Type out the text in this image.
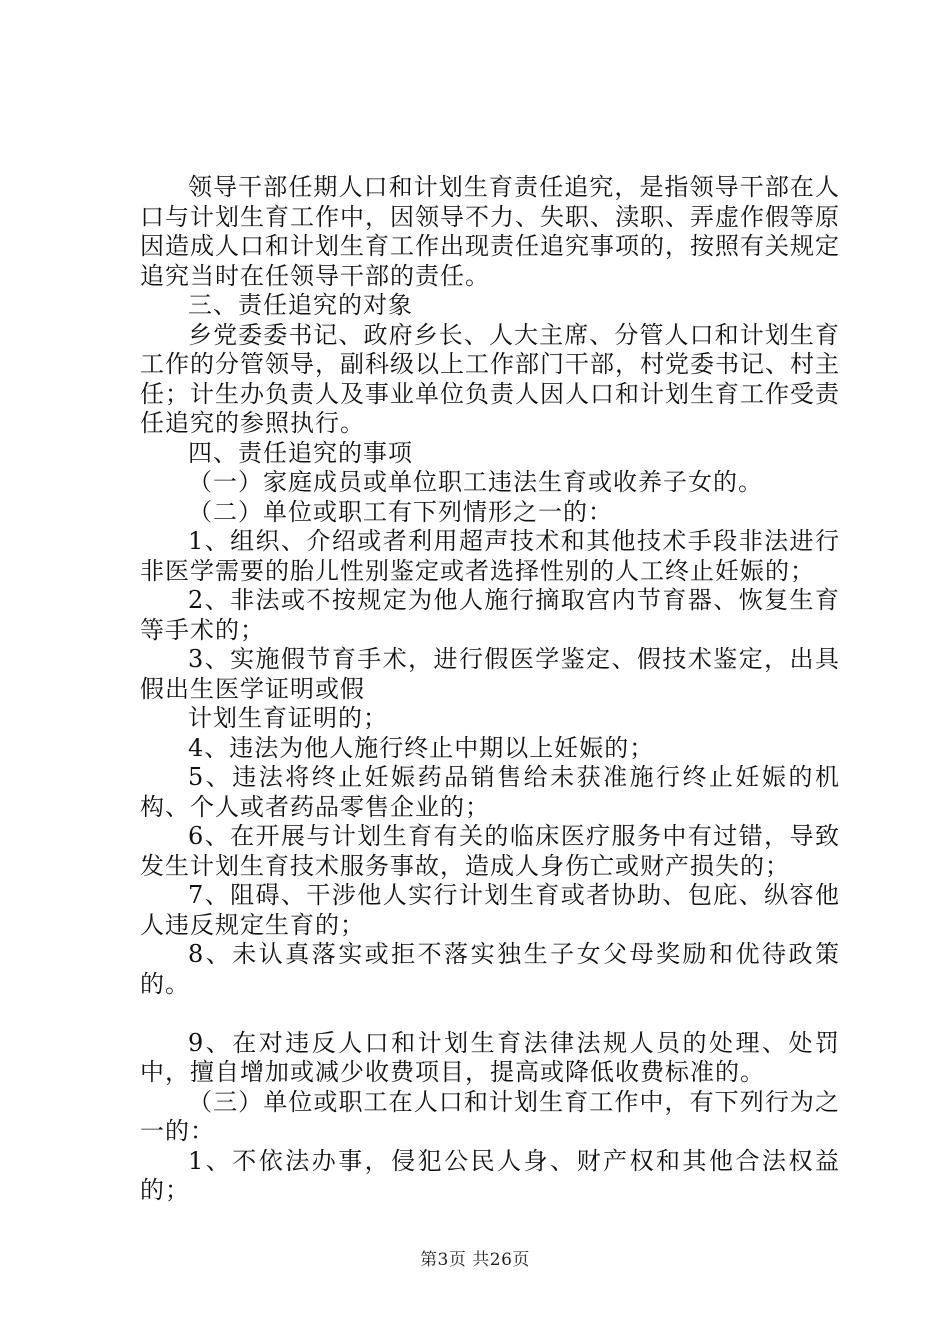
领导干部任期人口和计划生育责任追究，是指领导干部在人口与计划生育工作中，因领导不力、失职、渎职、弄虚作假等原因造成人口和计划生育工作出现责任追究事项的，按照有关规定追究当时在任领导干部的责任。

三、责任追究的对象

乡党委委书记、政府乡长、人大主席、分管人口和计划生育工作的分管领导，副科级以上工作部门干部，村党委书记、村主任；计生办负责人及事业单位负责人因人口和计划生育工作受责任追究的参照执行。

四、责任追究的事项

（一）家庭成员或单位职工违法生育或收养子女的。

（二）单位或职工有下列情形之一的：

1、组织、介绍或者利用超声技术和其他技术手段非法进行非医学需要的胎儿性别鉴定或者选择性别的人工终止妊娠的；

2、非法或不按规定为他人施行摘取宫内节育器、恢复生育等手术的；

3、实施假节育手术，进行假医学鉴定、假技术鉴定，出具假出生医学证明或假

计划生育证明的；

4、违法为他人施行终止中期以上妊娠的；

5、违法将终止妊娠药品销售给未获准施行终止妊娠的机构、个人或者药品零售企业的；

6、在开展与计划生育有关的临床医疗服务中有过错，导致发生计划生育技术服务事故，造成人身伤亡或财产损失的；

7、阻碍、干涉他人实行计划生育或者协助、包庇、纵容他人违反规定生育的；

8、未认真落实或拒不落实独生子女父母奖励和优待政策的。

9、在对违反人口和计划生育法律法规人员的处理、处罚中，擅自增加或减少收费项目，提高或降低收费标准的。

（三）单位或职工在人口和计划生育工作中，有下列行为之一的：

1、不依法办事，侵犯公民人身、财产权和其他合法权益的；

第3页 共26页
